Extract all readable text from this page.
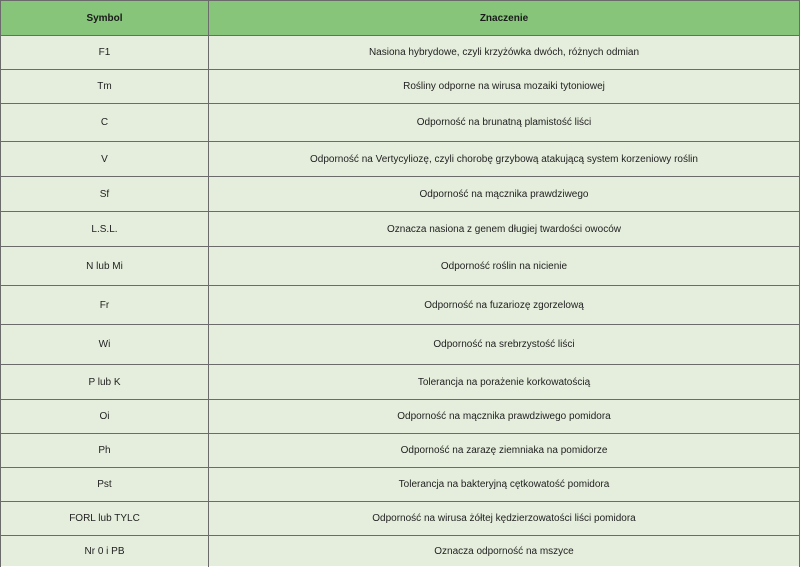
Symbol	Znaczenie
F1	Nasiona hybrydowe, czyli krzyżówka dwóch, różnych odmian
Tm	Rośliny odporne na wirusa mozaiki tytoniowej
C	Odporność na brunatną plamistość liści
V	Odporność na Vertycyliozę, czyli chorobę grzybową atakującą system korzeniowy roślin
Sf	Odporność na mącznika prawdziwego
L.S.L.	Oznacza nasiona z genem długiej twardości owoców
N lub Mi	Odporność roślin na nicienie
Fr	Odporność na fuzariozę zgorzelową
Wi	Odporność na srebrzystość liści
P lub K	Tolerancja na porażenie korkowatością
Oi	Odporność na mącznika prawdziwego pomidora
Ph	Odporność na zarazę ziemniaka na pomidorze
Pst	Tolerancja na bakteryjną cętkowatość pomidora
FORL lub TYLC	Odporność na wirusa żółtej kędzierzowatości liści pomidora
Nr 0 i PB	Oznacza odporność na mszyce
